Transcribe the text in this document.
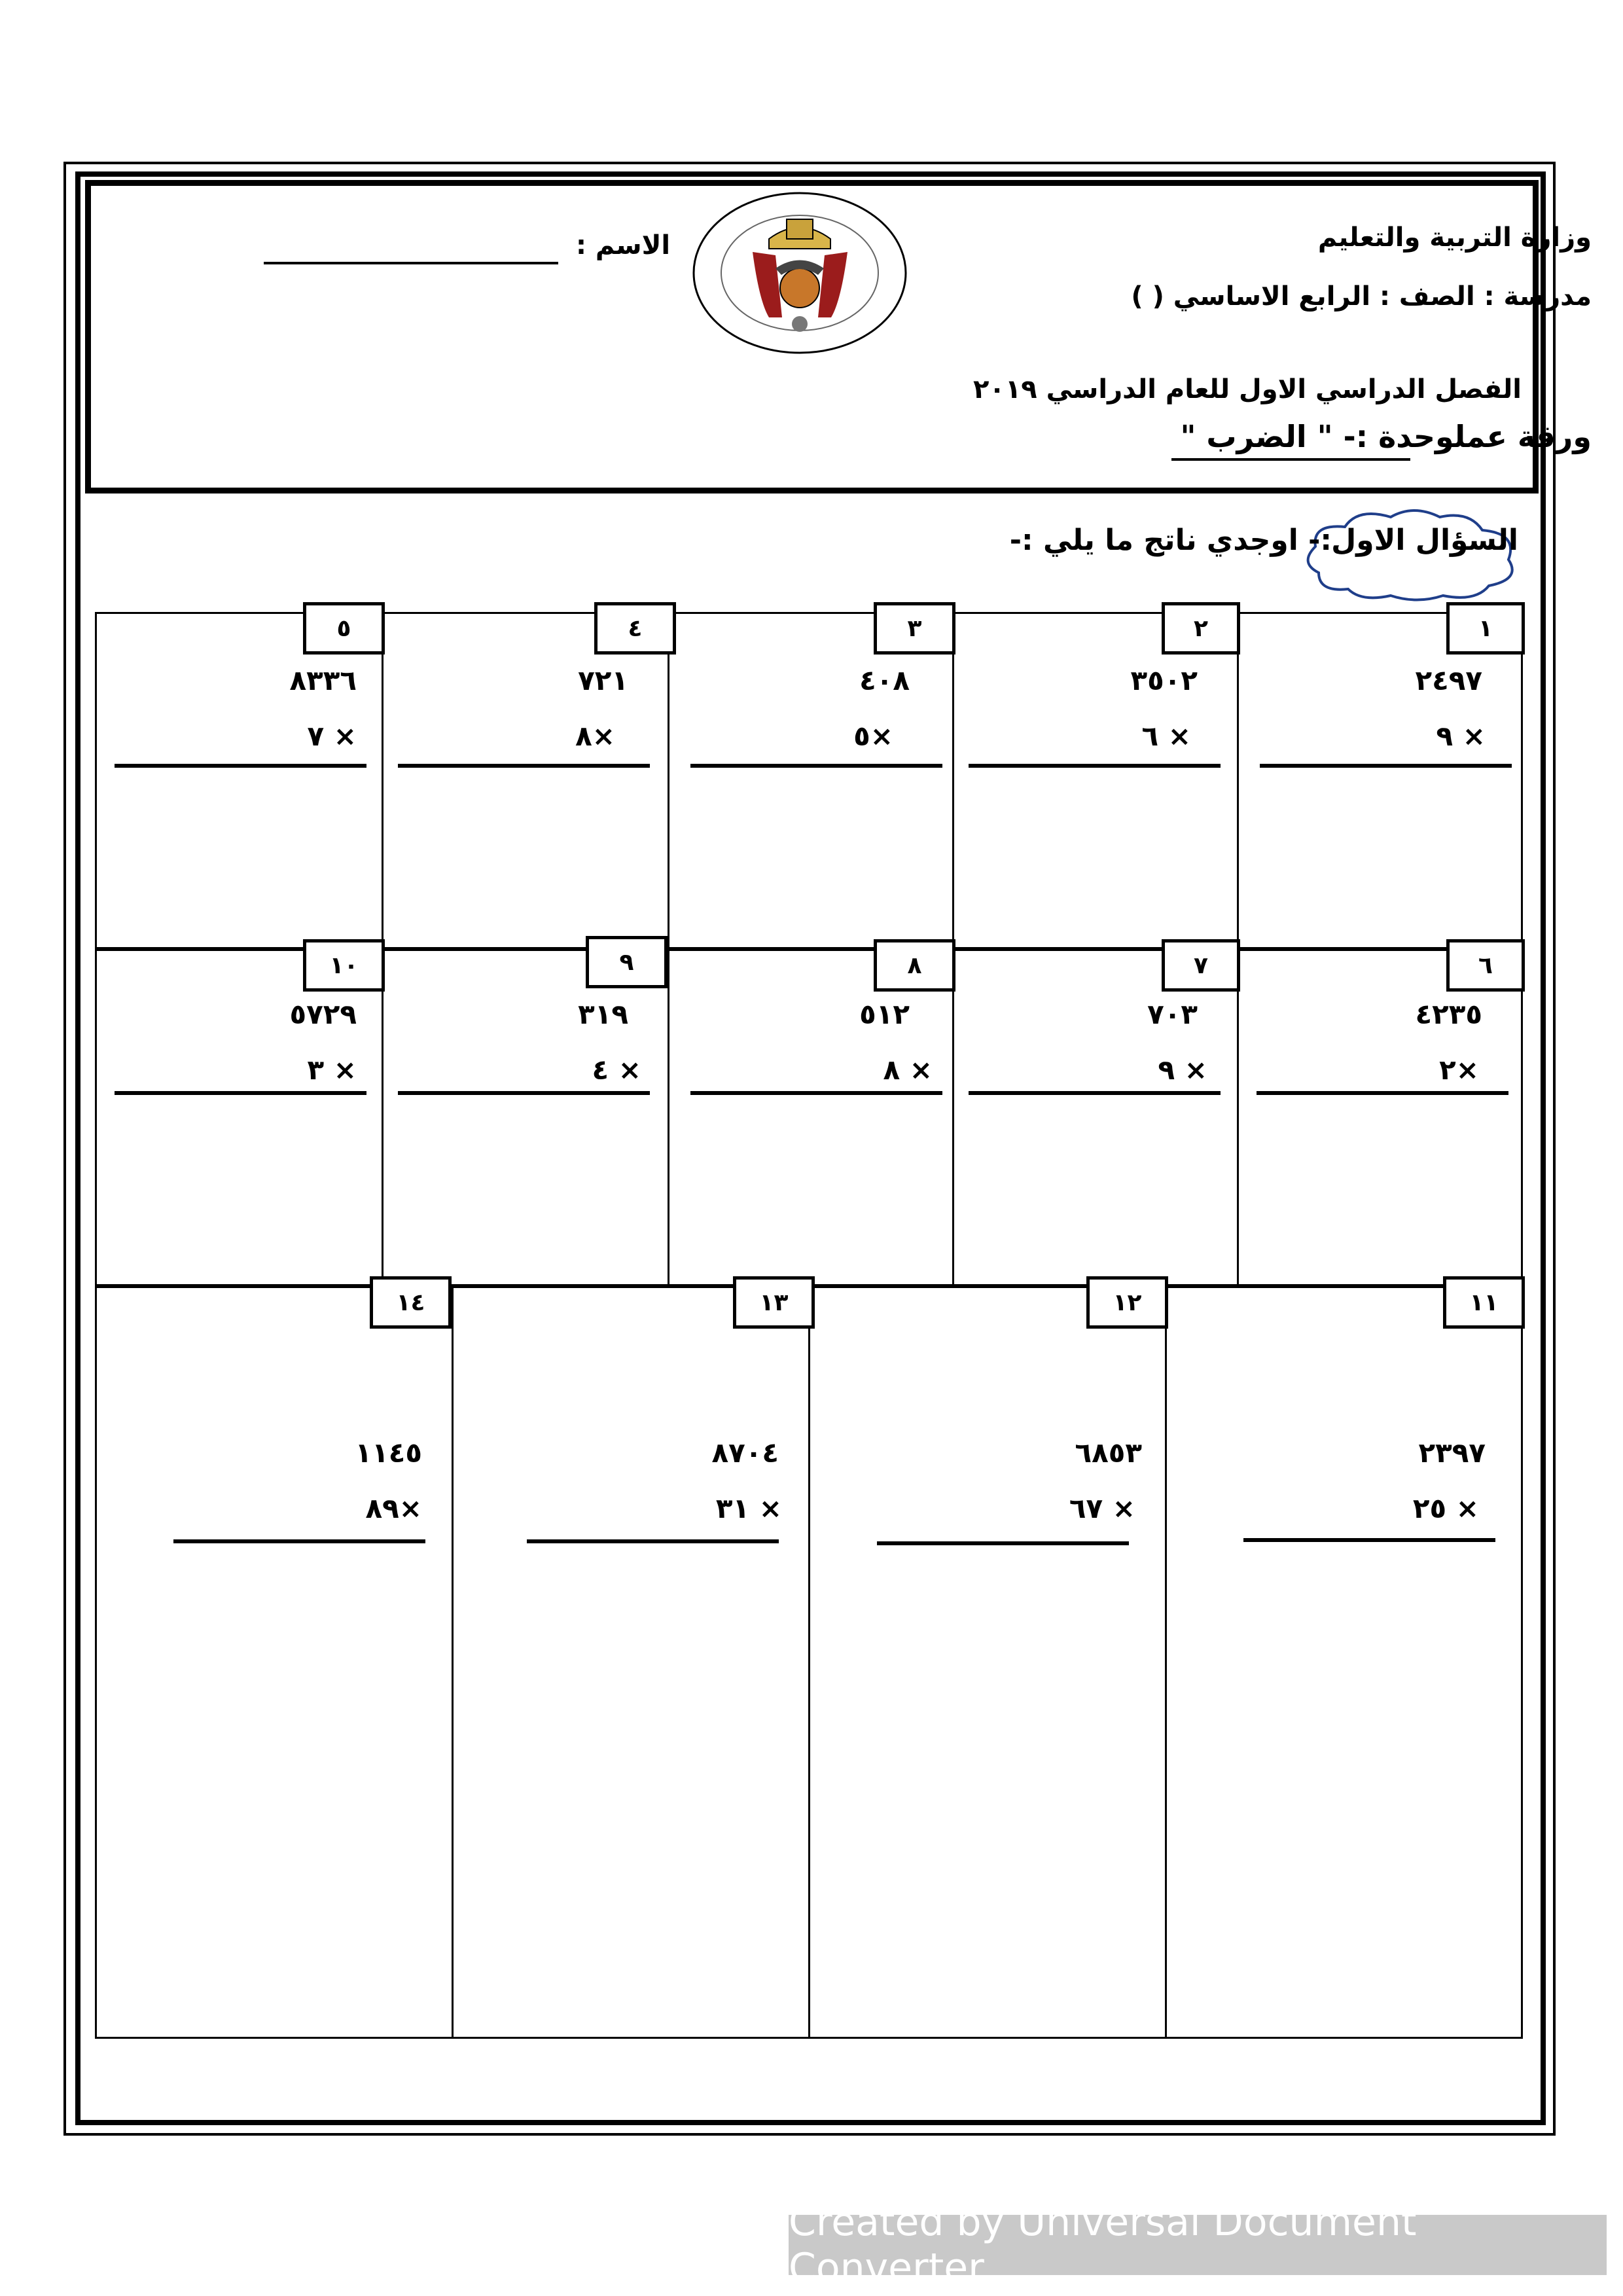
وزارة التربية والتعليم
مدرسة : الصف : الرابع الاساسي ( )
الفصل الدراسي الاول للعام الدراسي ٢٠١٩
ورقة عملوحدة :- " الضرب "
الاسم :
السؤال الاول
:- اوجدي ناتج ما يلي :-
١
٢٤٩٧
٩ ×
٢
٣٥٠٢
٦ ×
٣
٤٠٨
٥×
٤
٧٢١
٨×
٥
٨٣٣٦
٧ ×
٦
٤٢٣٥
٢×
٧
٧٠٣
٩ ×
٨
٥١٢
٨ ×
٩
٣١٩
٤ ×
١٠
٥٧٢٩
٣ ×
١١
٢٣٩٧
٢٥ ×
١٢
٦٨٥٣
٦٧ ×
١٣
٨٧٠٤
٣١ ×
١٤
١١٤٥
٨٩×
Created by Universal Document Converter
